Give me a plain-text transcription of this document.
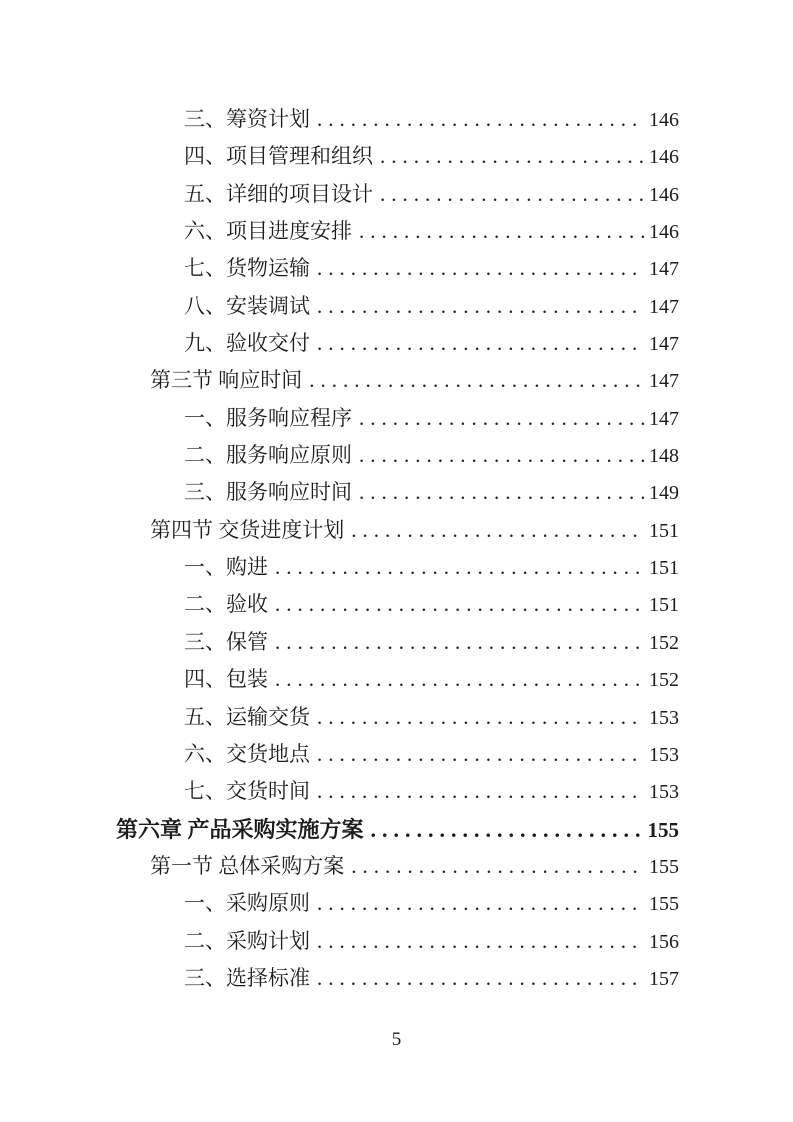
三、筹资计划 .....	146
四、项目管理和组织 .....	146
五、详细的项目设计 .....	146
六、项目进度安排 .....	146
七、货物运输 .....	147
八、安装调试 .....	147
九、验收交付 .....	147
第三节 响应时间 .....	147
一、服务响应程序 .....	147
二、服务响应原则 .....	148
三、服务响应时间 .....	149
第四节 交货进度计划 .....	151
一、购进 .....	151
二、验收 .....	151
三、保管 .....	152
四、包装 .....	152
五、运输交货 .....	153
六、交货地点 .....	153
七、交货时间 .....	153
第六章 产品采购实施方案 .....	155
第一节 总体采购方案 .....	155
一、采购原则 .....	155
二、采购计划 .....	156
三、选择标准 .....	157
5
